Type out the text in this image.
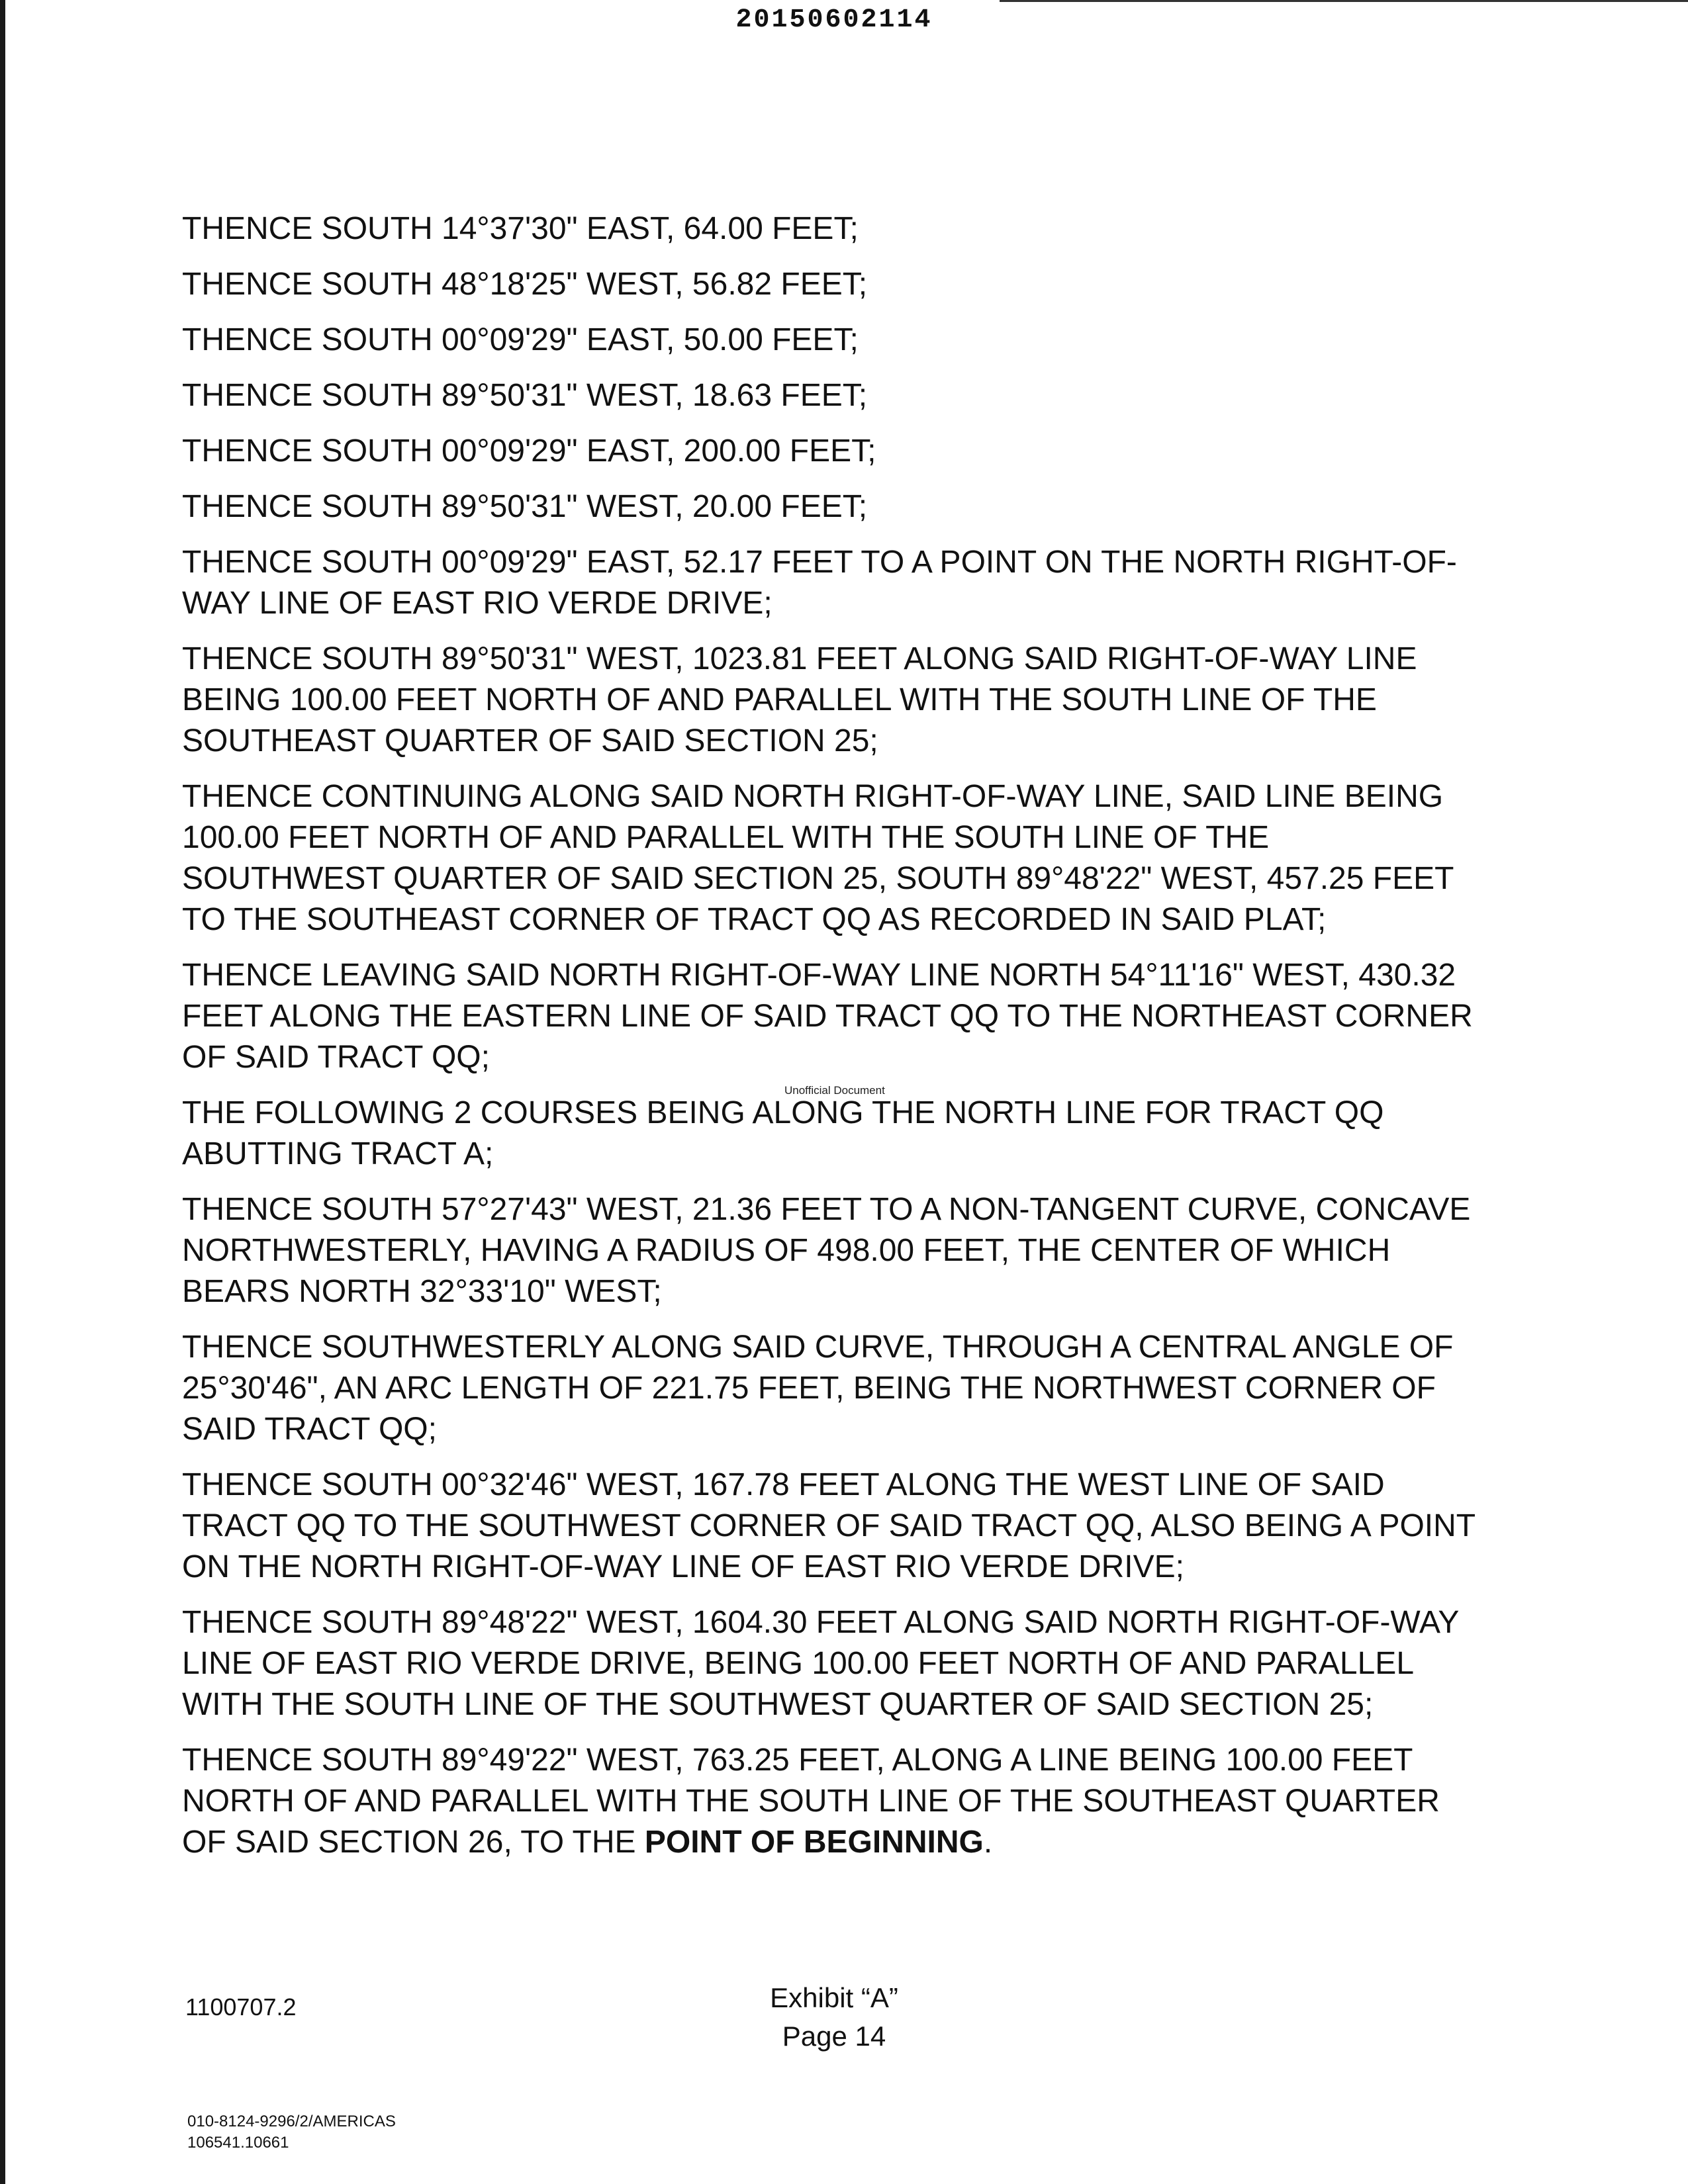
20150602114

THENCE SOUTH 14°37'30" EAST, 64.00 FEET;

THENCE SOUTH 48°18'25" WEST, 56.82 FEET;

THENCE SOUTH 00°09'29" EAST, 50.00 FEET;

THENCE SOUTH 89°50'31" WEST, 18.63 FEET;

THENCE SOUTH 00°09'29" EAST, 200.00 FEET;

THENCE SOUTH 89°50'31" WEST, 20.00 FEET;

THENCE SOUTH 00°09'29" EAST, 52.17 FEET TO A POINT ON THE NORTH RIGHT-OF-WAY LINE OF EAST RIO VERDE DRIVE;

THENCE SOUTH 89°50'31" WEST, 1023.81 FEET ALONG SAID RIGHT-OF-WAY LINE BEING 100.00 FEET NORTH OF AND PARALLEL WITH THE SOUTH LINE OF THE SOUTHEAST QUARTER OF SAID SECTION 25;

THENCE CONTINUING ALONG SAID NORTH RIGHT-OF-WAY LINE, SAID LINE BEING 100.00 FEET NORTH OF AND PARALLEL WITH THE SOUTH LINE OF THE SOUTHWEST QUARTER OF SAID SECTION 25, SOUTH 89°48'22" WEST, 457.25 FEET TO THE SOUTHEAST CORNER OF TRACT QQ AS RECORDED IN SAID PLAT;

THENCE LEAVING SAID NORTH RIGHT-OF-WAY LINE NORTH 54°11'16" WEST, 430.32 FEET ALONG THE EASTERN LINE OF SAID TRACT QQ TO THE NORTHEAST CORNER OF SAID TRACT QQ;

THE FOLLOWING 2 COURSES BEING ALONG THE NORTH LINE FOR TRACT QQ ABUTTING TRACT A;

THENCE SOUTH 57°27'43" WEST, 21.36 FEET TO A NON-TANGENT CURVE, CONCAVE NORTHWESTERLY, HAVING A RADIUS OF 498.00 FEET, THE CENTER OF WHICH BEARS NORTH 32°33'10" WEST;

THENCE SOUTHWESTERLY ALONG SAID CURVE, THROUGH A CENTRAL ANGLE OF 25°30'46", AN ARC LENGTH OF 221.75 FEET, BEING THE NORTHWEST CORNER OF SAID TRACT QQ;

THENCE SOUTH 00°32'46" WEST, 167.78 FEET ALONG THE WEST LINE OF SAID TRACT QQ TO THE SOUTHWEST CORNER OF SAID TRACT QQ, ALSO BEING A POINT ON THE NORTH RIGHT-OF-WAY LINE OF EAST RIO VERDE DRIVE;

THENCE SOUTH 89°48'22" WEST, 1604.30 FEET ALONG SAID NORTH RIGHT-OF-WAY LINE OF EAST RIO VERDE DRIVE, BEING 100.00 FEET NORTH OF AND PARALLEL WITH THE SOUTH LINE OF THE SOUTHWEST QUARTER OF SAID SECTION 25;

THENCE SOUTH 89°49'22" WEST, 763.25 FEET, ALONG A LINE BEING 100.00 FEET NORTH OF AND PARALLEL WITH THE SOUTH LINE OF THE SOUTHEAST QUARTER OF SAID SECTION 26, TO THE POINT OF BEGINNING.

Unofficial Document
1100707.2	Exhibit “A”
Page 14
010-8124-9296/2/AMERICAS
106541.10661
